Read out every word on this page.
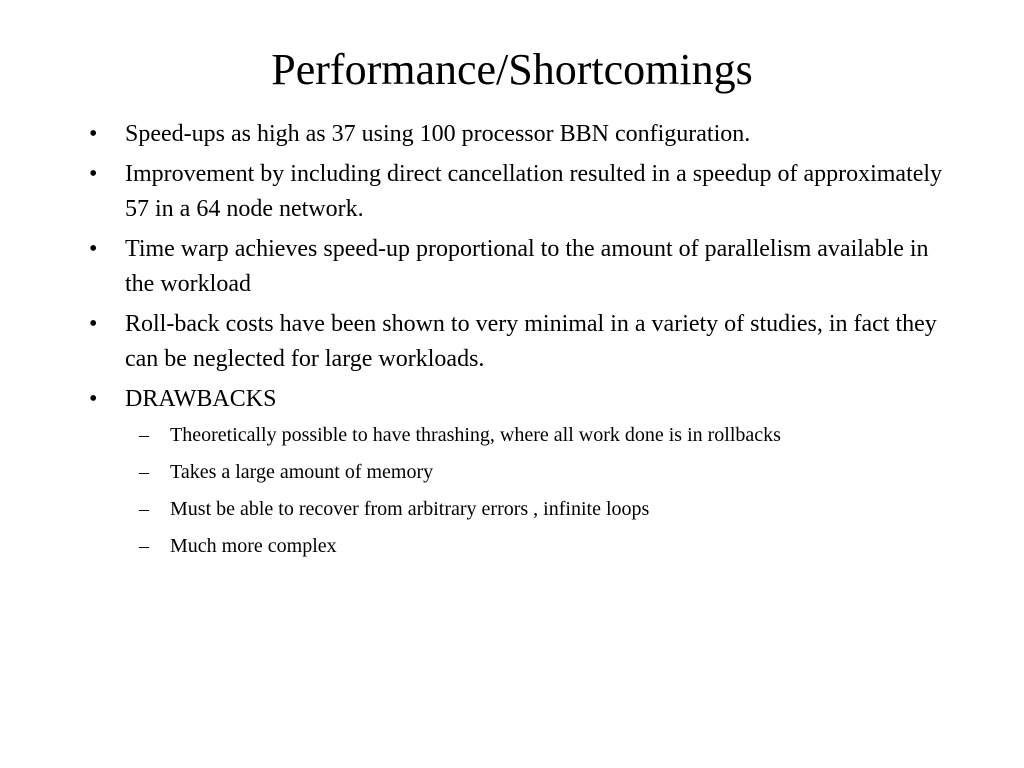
Performance/Shortcomings
• Speed-ups as high as 37 using 100 processor BBN configuration.
• Improvement by including direct cancellation resulted in a speedup of approximately 57 in a 64 node network.
• Time warp achieves speed-up proportional to the amount of parallelism available in the workload
• Roll-back costs have been shown to very minimal in a variety of studies, in fact they can be neglected for large workloads.
• DRAWBACKS
– Theoretically possible to have thrashing, where all work done is in rollbacks
– Takes a large amount of memory
– Must be able to recover from arbitrary errors , infinite loops
– Much more complex
